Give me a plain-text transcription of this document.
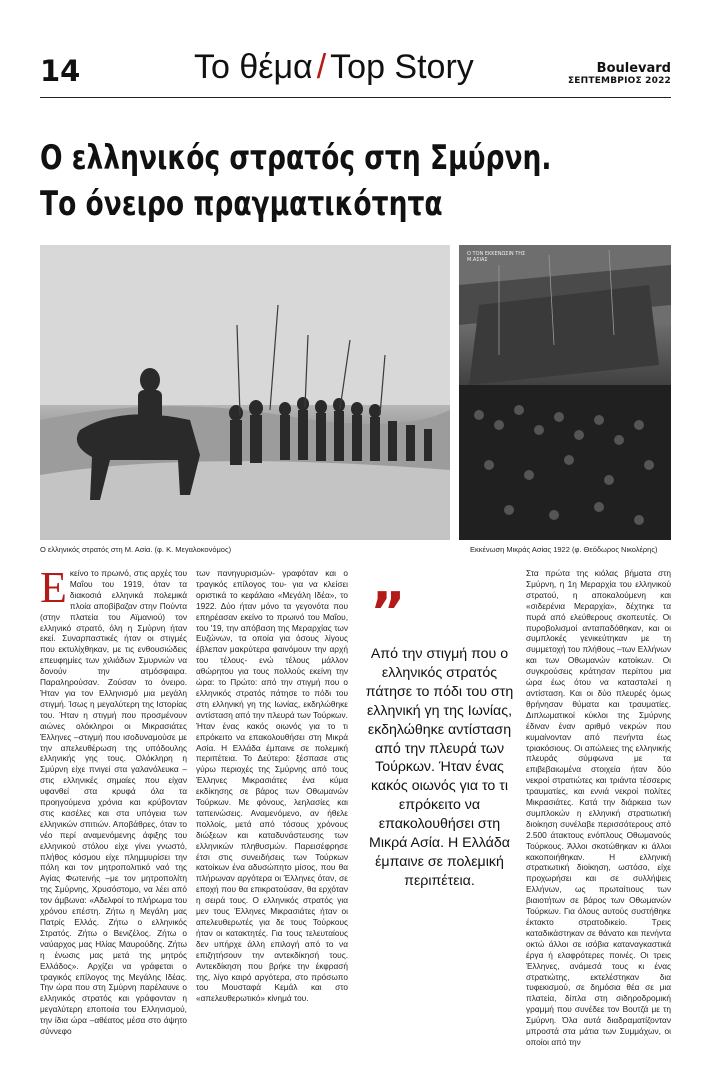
14	Το θέμα / Top Story	Boulevard
ΣΕΠΤΕΜΒΡΙΟΣ 2022
Ο ελληνικός στρατός στη Σμύρνη.
Το όνειρο πραγματικότητα
Ο ΤΟΝ ΕΚΚΕΝΩΣΙΝ ΤΗΣ Μ.ΑΣΙΑΣ
Ο ελληνικός στρατός στη Μ. Ασία. (φ. Κ. Μεγαλοκονόμος)	Εκκένωση Μικράς Ασίας 1922 (φ. Θεόδωρος Νικολέρης)

Εκείνο το πρωινό, στις αρχές του Μαΐου του 1919, όταν τα διακοσιά ελληνικά πολεμικά πλοία αποβίβαζαν στην Πούντα (στην πλατεία του Αϊμανιού) τον ελληνικό στρατό, όλη η Σμύρνη ήταν εκεί. Συναρπαστικές ήταν οι στιγμές που εκτυλίχθηκαν, με τις ενθουσιώδεις επευφημίες των χιλιάδων Σμυρνιών να δονούν την ατμόσφαιρα. Παραληρούσαν. Ζούσαν το όνειρο. Ήταν για τον Ελληνισμό μια μεγάλη στιγμή. Ίσως η μεγαλύτερη της Ιστορίας του. Ήταν η στιγμή που προσμένουν αιώνες ολόκληροι οι Μικρασιάτες Έλληνες –στιγμή που ισοδυναμούσε με την απελευθέρωση της υπόδουλης ελληνικής γης τους. Ολόκληρη η Σμύρνη είχε πνιγεί στα γαλανόλευκα –στις ελληνικές σημαίες που είχαν υφανθεί στα κρυφά όλα τα προηγούμενα χρόνια και κρύβονταν στις κασέλες και στα υπόγεια των ελληνικών σπιτιών. Αποβάθρες, όταν το νέο περί αναμενόμενης άφιξης του ελληνικού στόλου είχε γίνει γνωστό, πλήθος κόσμου είχε πλημμυρίσει την πόλη και τον μητροπολιτικό ναό της Αγίας Φωτεινής –με τον μητροπολίτη της Σμύρνης, Χρυσόστομο, να λέει από τον άμβωνα: «Αδελφοί το πλήρωμα του χρόνου επέστη. Ζήτω η Μεγάλη μας Πατρίς Ελλάς. Ζήτω ο ελληνικός Στρατός. Ζήτω ο Βενιζέλος. Ζήτω ο ναύαρχος μας Ηλίας Μαυρούδης. Ζήτω η ένωσις μας μετά της μητρός Ελλάδος». Αρχίζει να γράφεται ο τραγικός επίλογος της Μεγάλης Ιδέας. Την ώρα που στη Σμύρνη παρέλαυνε ο ελληνικός στρατός και γράφονταν η μεγαλύτερη εποποιία του Ελληνισμού, την ίδια ώρα –αθέατος μέσα στο άψητο σύννεφο

των πανηγυρισμών- γραφόταν και ο τραγικός επίλογος του- για να κλείσει οριστικά το κεφάλαιο «Μεγάλη Ιδέα», το 1922. Δύο ήταν μόνο τα γεγονότα που επηρέασαν εκείνο το πρωινό του Μαΐου, του '19, την απόβαση της Μεραρχίας των Ευζώνων, τα οποία για όσους λίγους έβλεπαν μακρύτερα φαινόμουν την αρχή του τέλους- ενώ τέλους μάλλον αθώρητου για τους πολλούς εκείνη την ώρα: το Πρώτο: από την στιγμή που ο ελληνικός στρατός πάτησε το πόδι του στη ελληνική γη της Ιωνίας, εκδηλώθηκε αντίσταση από την πλευρά των Τούρκων. Ήταν ένας κακός οιωνός για το τι επρόκειτο να επακολουθήσει στη Μικρά Ασία. Η Ελλάδα έμπαινε σε πολεμική περιπέτεια. Το Δεύτερο: ξέσπασε στις γύρω περιοχές της Σμύρνης από τους Έλληνες Μικρασιάτες ένα κύμα εκδίκησης σε βάρος των Οθωμανών Τούρκων. Με φόνους, λεηλασίες και ταπεινώσεις. Αναμενόμενο, αν ήθελε πολλοίς, μετά από τόσους χρόνους διώξεων και καταδυνάστευσης των ελληνικών πληθυσμών. Παρεισέφρησε έτσι στις συνειδήσεις των Τούρκων κατοίκων ένα αδυσώπητο μίσος, που θα πλήρωναν αργότερα οι Έλληνες όταν, σε εποχή που θα επικρατούσαν, θα ερχόταν η σειρά τους. Ο ελληνικός στρατός για μεν τους Έλληνες Μικρασιάτες ήταν οι απελευθερωτές για δε τους Τούρκους ήταν οι κατακτητές. Για τους τελευταίους δεν υπήρχε άλλη επιλογή από το να επιζητήσουν την αντεκδίκησή τους. Αντεκδίκηση που βρήκε την έκφρασή της, λίγο καιρό αργότερα, στο πρόσωπο του Μουσταφά Κεμάλ και στο «απελευθερωτικό» κίνημά του.

”
Από την στιγμή που ο ελληνικός στρατός πάτησε το πόδι του στη ελληνική γη της Ιωνίας, εκδηλώθηκε αντίσταση από την πλευρά των Τούρκων. Ήταν ένας κακός οιωνός για το τι επρόκειτο να επακολουθήσει στη Μικρά Ασία. Η Ελλάδα έμπαινε σε πολεμική περιπέτεια.

Στα πρώτα της κιόλας βήματα στη Σμύρνη, η 1η Μεραρχία του ελληνικού στρατού, η αποκαλούμενη και «σιδερένια Μεραρχία», δέχτηκε τα πυρά από ελεύθερους σκοπευτές. Οι πυροβολισμοί ανταπαδόθηκαν, και οι συμπλοκές γενικεύτηκαν με τη συμμετοχή του πλήθους –των Ελλήνων και των Οθωμανών κατοίκων. Οι συγκρούσεις κράτησαν περίπου μια ώρα έως ότου να κατασταλεί η αντίσταση. Και οι δύο πλευρές όμως θρήνησαν θύματα και τραυματίες. Διπλωματικοί κύκλοι της Σμύρνης έδιναν έναν αριθμό νεκρών που κυμαίνονταν από πενήντα έως τριακόσιους. Οι απώλειες της ελληνικής πλευράς σύμφωνα με τα επιβεβαιωμένα στοιχεία ήταν δύο νεκροί στρατιώτες και τριάντα τέσσερις τραυματίες, και εννιά νεκροί πολίτες Μικρασιάτες. Κατά την διάρκεια των συμπλοκών η ελληνική στρατιωτική διοίκηση συνέλαβε περισσότερους από 2.500 άτακτους ενόπλους Οθωμανούς Τούρκους. Άλλοι σκοτώθηκαν κι άλλοι κακοποιήθηκαν. Η ελληνική στρατιωτική διοίκηση, ωστόσο, είχε προχωρήσει και σε συλλήψεις Ελλήνων, ως πρωταίτιους των βιαιοτήτων σε βάρος των Οθωμανών Τούρκων. Για όλους αυτούς συστήθηκε έκτακτο στρατοδικείο. Τρεις καταδικάστηκαν σε θάνατο και πενήντα οκτώ άλλοι σε ισόβια καταναγκαστικά έργα ή ελαφρότερες ποινές. Οι τρεις Έλληνες, ανάμεσά τους κι ένας στρατιώτης, εκτελέστηκαν δια τυφεκισμού, σε δημόσια θέα σε μια πλατεία, δίπλα στη σιδηροδρομική γραμμή που συνέδεε τον Βουτζά με τη Σμύρνη. Όλα αυτά διαδραματίζονταν μπροστά στα μάτια των Συμμάχων, οι οποίοι από την
